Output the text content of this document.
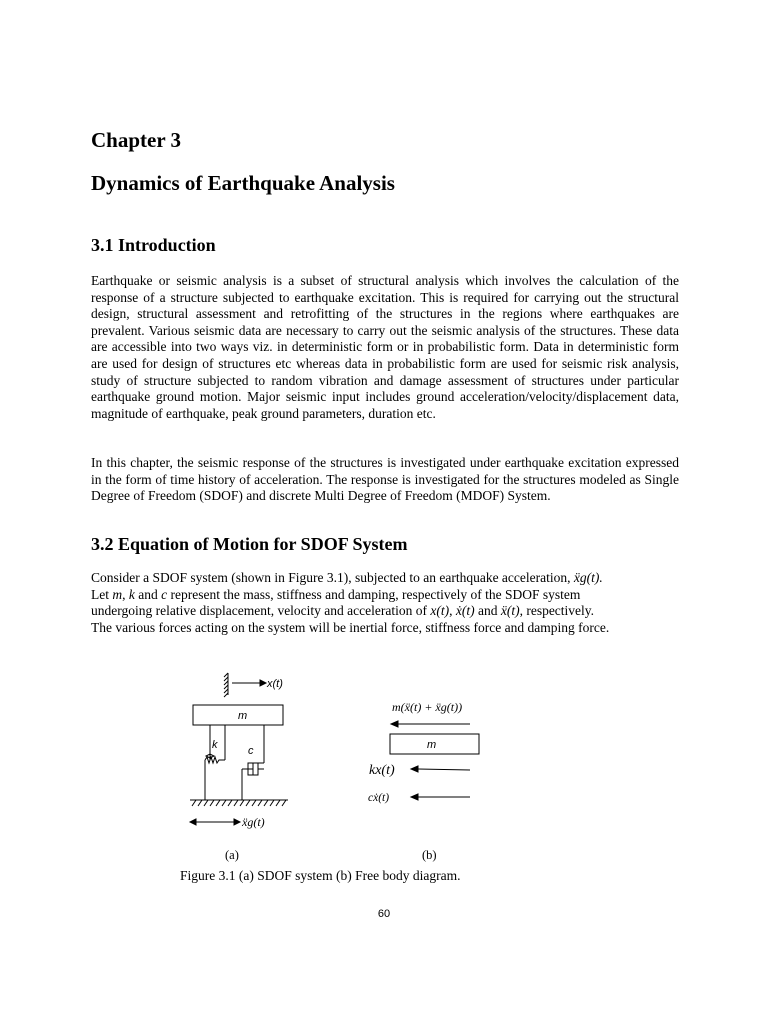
Chapter 3
Dynamics of Earthquake Analysis
3.1 Introduction

Earthquake or seismic analysis is a subset of structural analysis which involves the calculation of the response of a structure subjected to earthquake excitation. This is required for carrying out the structural design, structural assessment and retrofitting of the structures in the regions where earthquakes are prevalent. Various seismic data are necessary to carry out the seismic analysis of the structures. These data are accessible into two ways viz. in deterministic form or in probabilistic form. Data in deterministic form are used for design of structures etc whereas data in probabilistic form are used for seismic risk analysis, study of structure subjected to random vibration and damage assessment of structures under particular earthquake ground motion. Major seismic input includes ground acceleration/velocity/displacement data, magnitude of earthquake, peak ground parameters, duration etc.

In this chapter, the seismic response of the structures is investigated under earthquake excitation expressed in the form of time history of acceleration. The response is investigated for the structures modeled as Single Degree of Freedom (SDOF) and discrete Multi Degree of Freedom (MDOF) System.

3.2 Equation of Motion for SDOF System

Consider a SDOF system (shown in Figure 3.1), subjected to an earthquake acceleration, ẍg(t).

Let m, k and c represent the mass, stiffness and damping, respectively of the SDOF system

undergoing relative displacement, velocity and acceleration of x(t), ẋ(t) and ẍ(t), respectively.

The various forces acting on the system will be inertial force, stiffness force and damping force.

x(t)
m
k	c
ẍg(t)
(a)
m(ẍ(t) + ẍg(t))
m
kx(t)
cẋ(t)
(b)

Figure 3.1 (a) SDOF system (b) Free body diagram.

60
